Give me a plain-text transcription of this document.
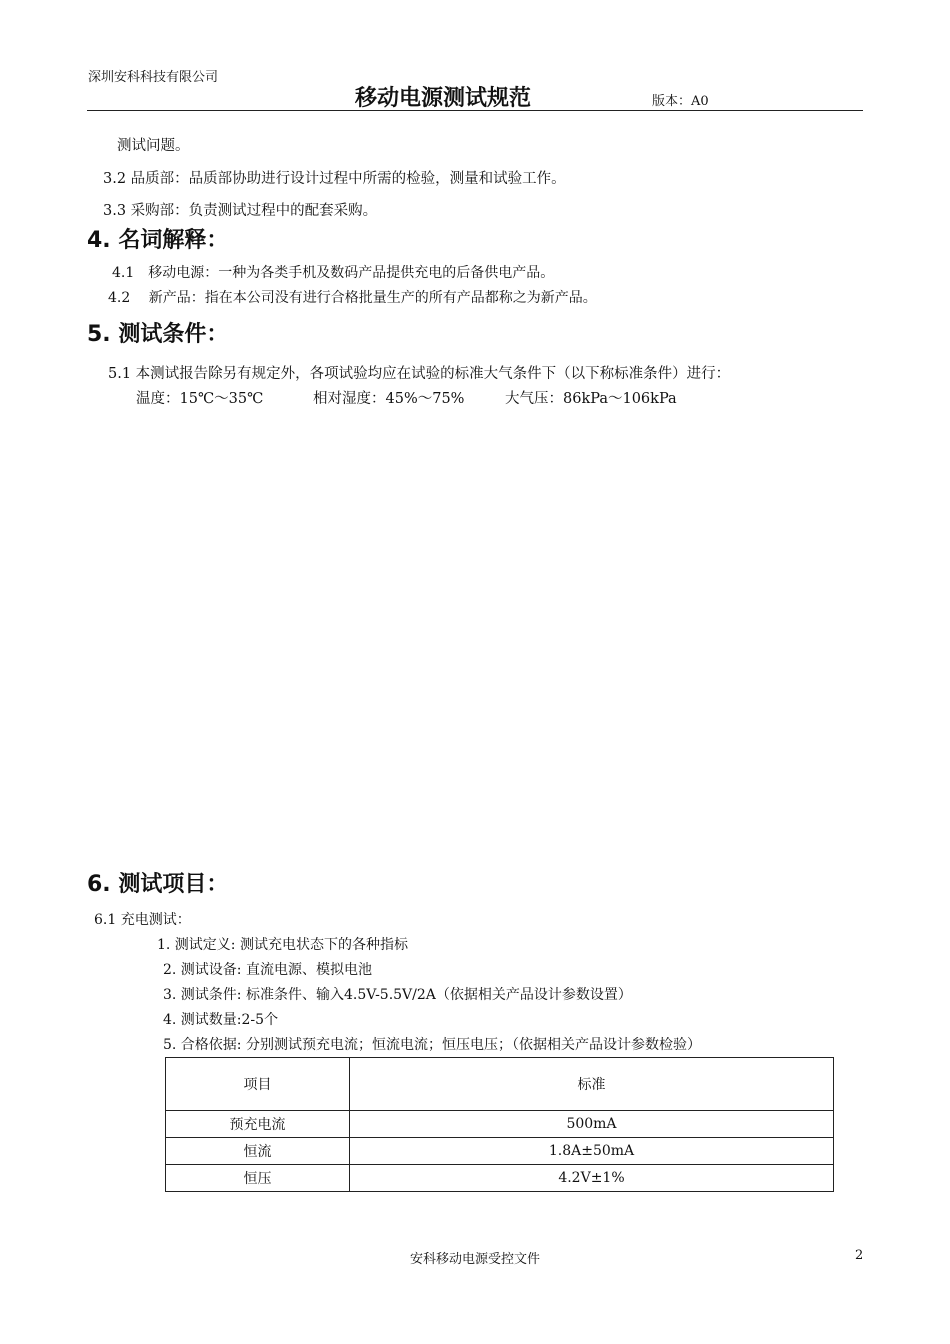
深圳安科科技有限公司
移动电源测试规范	版本：A0
测试问题。
3.2 品质部：品质部协助进行设计过程中所需的检验，测量和试验工作。
3.3 采购部：负责测试过程中的配套采购。
4. 名词解释：
4.1　移动电源：一种为各类手机及数码产品提供充电的后备供电产品。
4.2　 新产品：指在本公司没有进行合格批量生产的所有产品都称之为新产品。
5. 测试条件：
5.1 本测试报告除另有规定外，各项试验均应在试验的标准大气条件下（以下称标准条件）进行：
温度：15℃～35℃	相对湿度：45%～75%	大气压：86kPa～106kPa
6. 测试项目：
6.1 充电测试：
1. 测试定义: 测试充电状态下的各种指标
2. 测试设备: 直流电源、模拟电池
3. 测试条件: 标准条件、输入4.5V-5.5V/2A（依据相关产品设计参数设置）
4. 测试数量:2-5个
5. 合格依据: 分别测试预充电流；恒流电流；恒压电压；（依据相关产品设计参数检验）
项目	标准
预充电流	500mA
恒流	1.8A±50mA
恒压	4.2V±1%
安科移动电源受控文件	2
